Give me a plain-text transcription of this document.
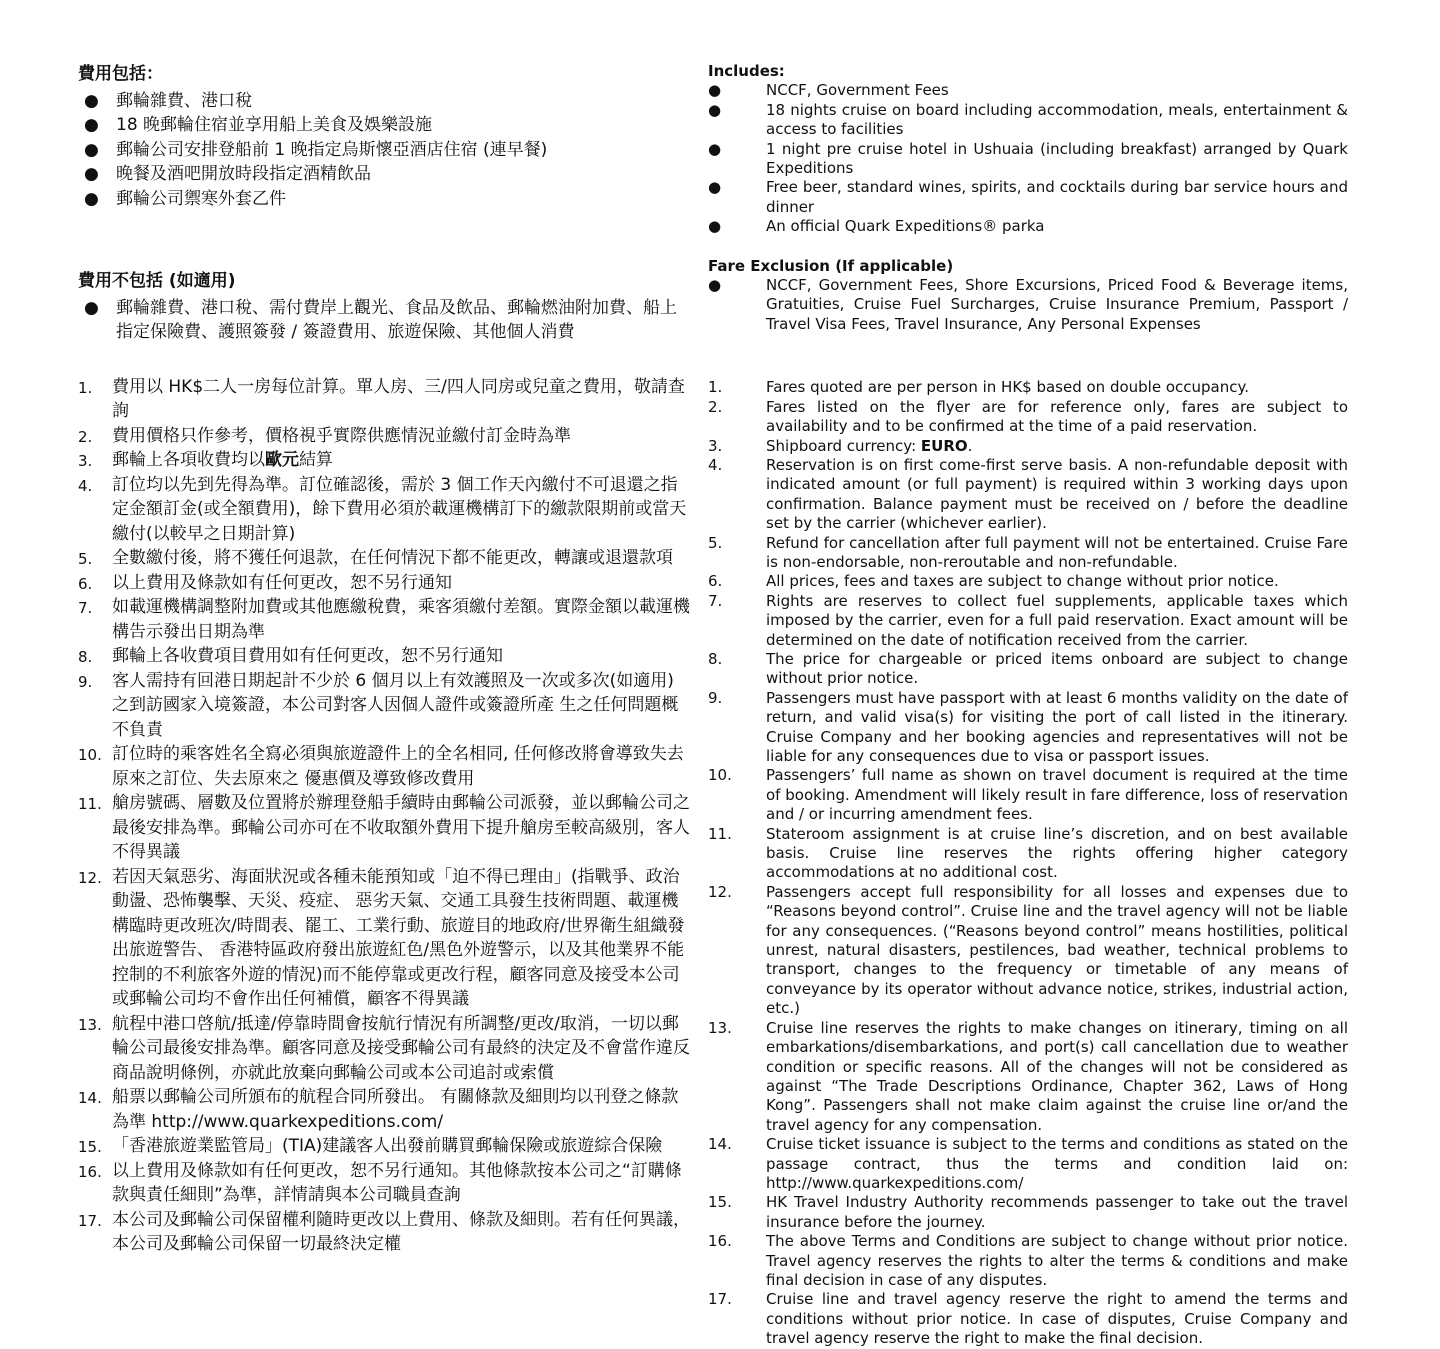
費用包括：

● 郵輪雜費、港口稅
● 18 晚郵輪住宿並享用船上美食及娛樂設施
● 郵輪公司安排登船前 1 晚指定烏斯懷亞酒店住宿 (連早餐)
● 晚餐及酒吧開放時段指定酒精飲品
● 郵輪公司禦寒外套乙件

費用不包括 (如適用)

● 郵輪雜費、港口稅、需付費岸上觀光、食品及飲品、郵輪燃油附加費、船上指定保險費、護照簽發 / 簽證費用、旅遊保險、其他個人消費
1. 費用以 HK$二人一房每位計算。單人房、三/四人同房或兒童之費用，敬請查詢
2. 費用價格只作參考，價格視乎實際供應情況並繳付訂金時為準
3. 郵輪上各項收費均以歐元結算
4. 訂位均以先到先得為準。訂位確認後，需於 3 個工作天內繳付不可退還之指定金額訂金(或全額費用)，餘下費用必須於載運機構訂下的繳款限期前或當天繳付(以較早之日期計算)
5. 全數繳付後，將不獲任何退款，在任何情況下都不能更改，轉讓或退還款項
6. 以上費用及條款如有任何更改，恕不另行通知
7. 如載運機構調整附加費或其他應繳稅費，乘客須繳付差額。實際金額以載運機構告示發出日期為準
8. 郵輪上各收費項目費用如有任何更改，恕不另行通知
9. 客人需持有回港日期起計不少於 6 個月以上有效護照及一次或多次(如適用)之到訪國家入境簽證，本公司對客人因個人證件或簽證所產 生之任何問題概不負責
10. 訂位時的乘客姓名全寫必須與旅遊證件上的全名相同, 任何修改將會導致失去原來之訂位、失去原來之 優惠價及導致修改費用
11. 艙房號碼、層數及位置將於辦理登船手續時由郵輪公司派發，並以郵輪公司之最後安排為準。郵輪公司亦可在不收取額外費用下提升艙房至較高級別，客人不得異議
12. 若因天氣惡劣、海面狀況或各種未能預知或「迫不得已理由」(指戰爭、政治動盪、恐怖襲擊、天災、疫症、 惡劣天氣、交通工具發生技術問題、載運機構臨時更改班次/時間表、罷工、工業行動、旅遊目的地政府/世界衛生組織發出旅遊警告、 香港特區政府發出旅遊紅色/黑色外遊警示，以及其他業界不能控制的不利旅客外遊的情況)而不能停靠或更改行程，顧客同意及接受本公司或郵輪公司均不會作出任何補償，顧客不得異議
13. 航程中港口啓航/抵達/停靠時間會按航行情況有所調整/更改/取消，一切以郵輪公司最後安排為準。顧客同意及接受郵輪公司有最終的決定及不會當作違反商品說明條例，亦就此放棄向郵輪公司或本公司追討或索償
14. 船票以郵輪公司所頒布的航程合同所發出。 有關條款及細則均以刊登之條款為準 http://www.quarkexpeditions.com/
15. 「香港旅遊業監管局」(TIA)建議客人出發前購買郵輪保險或旅遊綜合保險
16. 以上費用及條款如有任何更改，恕不另行通知。其他條款按本公司之“訂購條款與責任細則”為準，詳情請與本公司職員查詢
17. 本公司及郵輪公司保留權利隨時更改以上費用、條款及細則。若有任何異議，本公司及郵輪公司保留一切最終決定權

Includes:

●	NCCF, Government Fees
●	18 nights cruise on board including accommodation, meals, entertainment & access to facilities
●	1 night pre cruise hotel in Ushuaia (including breakfast) arranged by Quark Expeditions
●	Free beer, standard wines, spirits, and cocktails during bar service hours and dinner
●	An official Quark Expeditions® parka

Fare Exclusion (If applicable)

●	NCCF, Government Fees, Shore Excursions, Priced Food & Beverage items, Gratuities, Cruise Fuel Surcharges, Cruise Insurance Premium, Passport / Travel Visa Fees, Travel Insurance, Any Personal Expenses
1.	Fares quoted are per person in HK$ based on double occupancy.
2.	Fares listed on the flyer are for reference only, fares are subject to availability and to be confirmed at the time of a paid reservation.
3.	Shipboard currency: EURO.
4.	Reservation is on first come-first serve basis. A non-refundable deposit with indicated amount (or full payment) is required within 3 working days upon confirmation. Balance payment must be received on / before the deadline set by the carrier (whichever earlier).
5.	Refund for cancellation after full payment will not be entertained. Cruise Fare is non-endorsable, non-reroutable and non-refundable.
6.	All prices, fees and taxes are subject to change without prior notice.
7.	Rights are reserves to collect fuel supplements, applicable taxes which imposed by the carrier, even for a full paid reservation. Exact amount will be determined on the date of notification received from the carrier.
8.	The price for chargeable or priced items onboard are subject to change without prior notice.
9.	Passengers must have passport with at least 6 months validity on the date of return, and valid visa(s) for visiting the port of call listed in the itinerary. Cruise Company and her booking agencies and representatives will not be liable for any consequences due to visa or passport issues.
10. Passengers’ full name as shown on travel document is required at the time of booking. Amendment will likely result in fare difference, loss of reservation and / or incurring amendment fees.
11. Stateroom assignment is at cruise line’s discretion, and on best available basis. Cruise line reserves the rights offering higher category accommodations at no additional cost.
12. Passengers accept full responsibility for all losses and expenses due to “Reasons beyond control”. Cruise line and the travel agency will not be liable for any consequences. (“Reasons beyond control” means hostilities, political unrest, natural disasters, pestilences, bad weather, technical problems to transport, changes to the frequency or timetable of any means of conveyance by its operator without advance notice, strikes, industrial action, etc.)
13. Cruise line reserves the rights to make changes on itinerary, timing on all embarkations/disembarkations, and port(s) call cancellation due to weather condition or specific reasons. All of the changes will not be considered as against “The Trade Descriptions Ordinance, Chapter 362, Laws of Hong Kong”. Passengers shall not make claim against the cruise line or/and the travel agency for any compensation.
14. Cruise ticket issuance is subject to the terms and conditions as stated on the passage contract, thus the terms and condition laid on: http://www.quarkexpeditions.com/
15. HK Travel Industry Authority recommends passenger to take out the travel insurance before the journey.
16. The above Terms and Conditions are subject to change without prior notice. Travel agency reserves the rights to alter the terms & conditions and make final decision in case of any disputes.
17. Cruise line and travel agency reserve the right to amend the terms and conditions without prior notice. In case of disputes, Cruise Company and travel agency reserve the right to make the final decision.
